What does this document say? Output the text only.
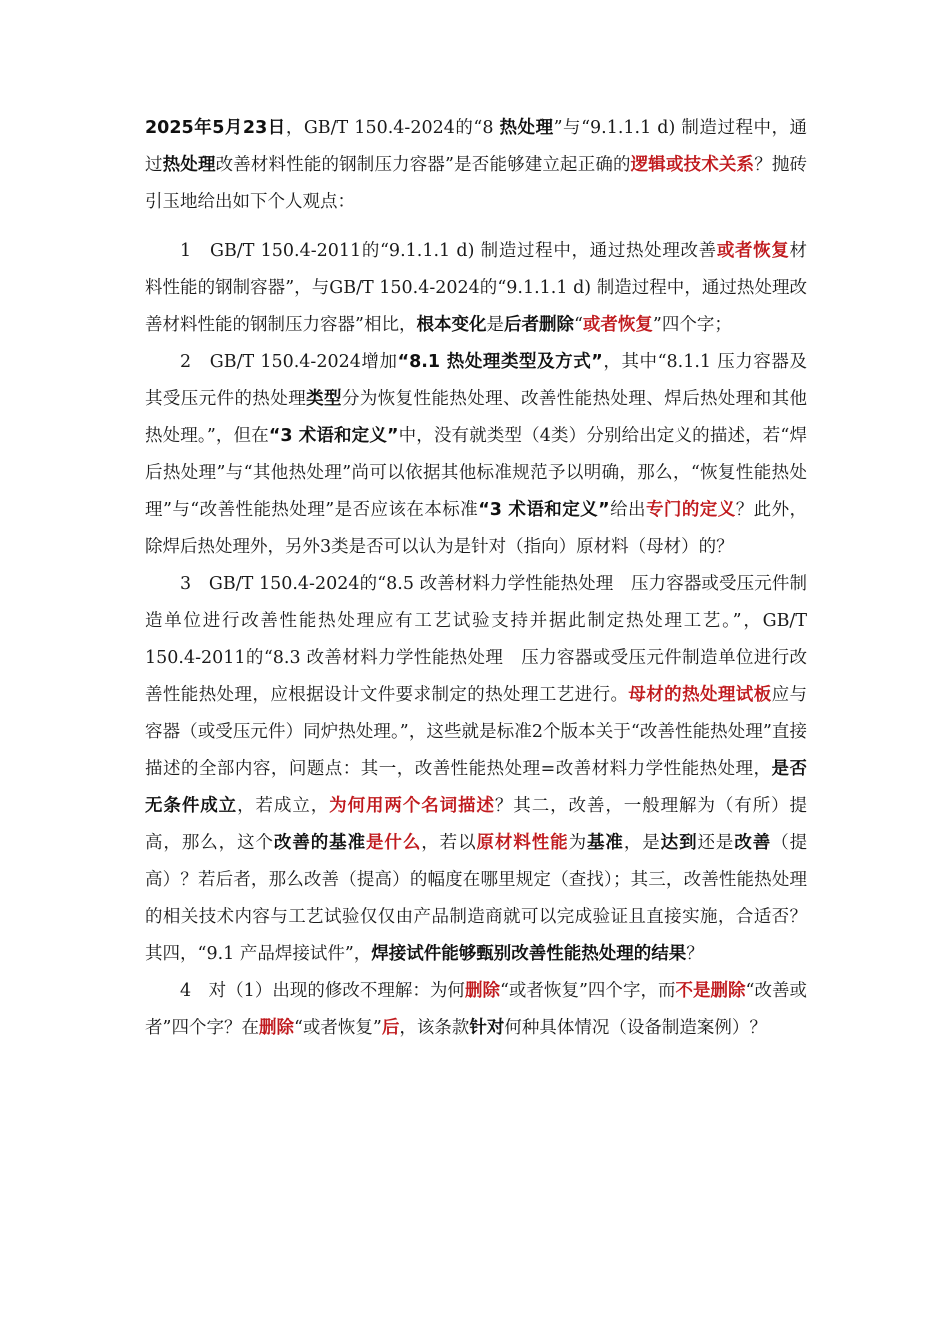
2025年5月23日，GB/T 150.4-2024的“8 热处理”与“9.1.1.1 d) 制造过程中，通过热处理改善材料性能的钢制压力容器”是否能够建立起正确的逻辑或技术关系？抛砖引玉地给出如下个人观点：

1　GB/T 150.4-2011的“9.1.1.1 d) 制造过程中，通过热处理改善或者恢复材料性能的钢制容器”，与GB/T 150.4-2024的“9.1.1.1 d) 制造过程中，通过热处理改善材料性能的钢制压力容器”相比，根本变化是后者删除“或者恢复”四个字；

2　GB/T 150.4-2024增加“8.1 热处理类型及方式”，其中“8.1.1 压力容器及其受压元件的热处理类型分为恢复性能热处理、改善性能热处理、焊后热处理和其他热处理。”，但在“3 术语和定义”中，没有就类型（4类）分别给出定义的描述，若“焊后热处理”与“其他热处理”尚可以依据其他标准规范予以明确，那么，“恢复性能热处理”与“改善性能热处理”是否应该在本标准“3 术语和定义”给出专门的定义？此外，除焊后热处理外，另外3类是否可以认为是针对（指向）原材料（母材）的？

3　GB/T 150.4-2024的“8.5 改善材料力学性能热处理　压力容器或受压元件制造单位进行改善性能热处理应有工艺试验支持并据此制定热处理工艺。”，GB/T 150.4-2011的“8.3 改善材料力学性能热处理　压力容器或受压元件制造单位进行改善性能热处理，应根据设计文件要求制定的热处理工艺进行。母材的热处理试板应与容器（或受压元件）同炉热处理。”，这些就是标准2个版本关于“改善性能热处理”直接描述的全部内容，问题点：其一，改善性能热处理=改善材料力学性能热处理，是否无条件成立，若成立，为何用两个名词描述？其二，改善，一般理解为（有所）提高，那么，这个改善的基准是什么，若以原材料性能为基准，是达到还是改善（提高）？若后者，那么改善（提高）的幅度在哪里规定（查找）；其三，改善性能热处理的相关技术内容与工艺试验仅仅由产品制造商就可以完成验证且直接实施，合适否？其四，“9.1 产品焊接试件”，焊接试件能够甄别改善性能热处理的结果？

4　对（1）出现的修改不理解：为何删除“或者恢复”四个字，而不是删除“改善或者”四个字？在删除“或者恢复”后，该条款针对何种具体情况（设备制造案例）？
